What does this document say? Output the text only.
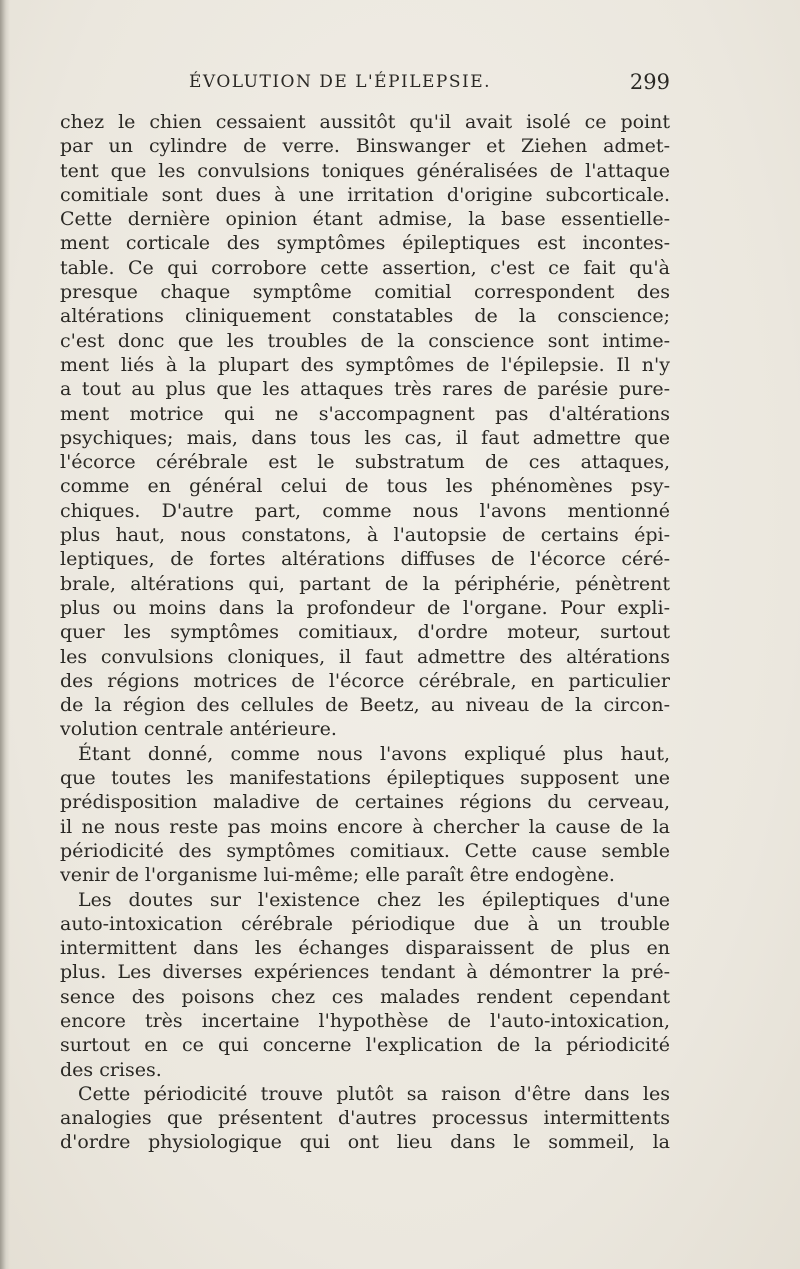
ÉVOLUTION DE L'ÉPILEPSIE.	299
chez le chien cessaient aussitôt qu'il avait isolé ce point
par un cylindre de verre. Binswanger et Ziehen admet-
tent que les convulsions toniques généralisées de l'attaque
comitiale sont dues à une irritation d'origine subcorticale.
Cette dernière opinion étant admise, la base essentielle-
ment corticale des symptômes épileptiques est incontes-
table. Ce qui corrobore cette assertion, c'est ce fait qu'à
presque chaque symptôme comitial correspondent des
altérations cliniquement constatables de la conscience;
c'est donc que les troubles de la conscience sont intime-
ment liés à la plupart des symptômes de l'épilepsie. Il n'y
a tout au plus que les attaques très rares de parésie pure-
ment motrice qui ne s'accompagnent pas d'altérations
psychiques; mais, dans tous les cas, il faut admettre que
l'écorce cérébrale est le substratum de ces attaques,
comme en général celui de tous les phénomènes psy-
chiques. D'autre part, comme nous l'avons mentionné
plus haut, nous constatons, à l'autopsie de certains épi-
leptiques, de fortes altérations diffuses de l'écorce céré-
brale, altérations qui, partant de la périphérie, pénètrent
plus ou moins dans la profondeur de l'organe. Pour expli-
quer les symptômes comitiaux, d'ordre moteur, surtout
les convulsions cloniques, il faut admettre des altérations
des régions motrices de l'écorce cérébrale, en particulier
de la région des cellules de Beetz, au niveau de la circon-
volution centrale antérieure.
Étant donné, comme nous l'avons expliqué plus haut,
que toutes les manifestations épileptiques supposent une
prédisposition maladive de certaines régions du cerveau,
il ne nous reste pas moins encore à chercher la cause de la
périodicité des symptômes comitiaux. Cette cause semble
venir de l'organisme lui-même; elle paraît être endogène.
Les doutes sur l'existence chez les épileptiques d'une
auto-intoxication cérébrale périodique due à un trouble
intermittent dans les échanges disparaissent de plus en
plus. Les diverses expériences tendant à démontrer la pré-
sence des poisons chez ces malades rendent cependant
encore très incertaine l'hypothèse de l'auto-intoxication,
surtout en ce qui concerne l'explication de la périodicité
des crises.
Cette périodicité trouve plutôt sa raison d'être dans les
analogies que présentent d'autres processus intermittents
d'ordre physiologique qui ont lieu dans le sommeil, la
